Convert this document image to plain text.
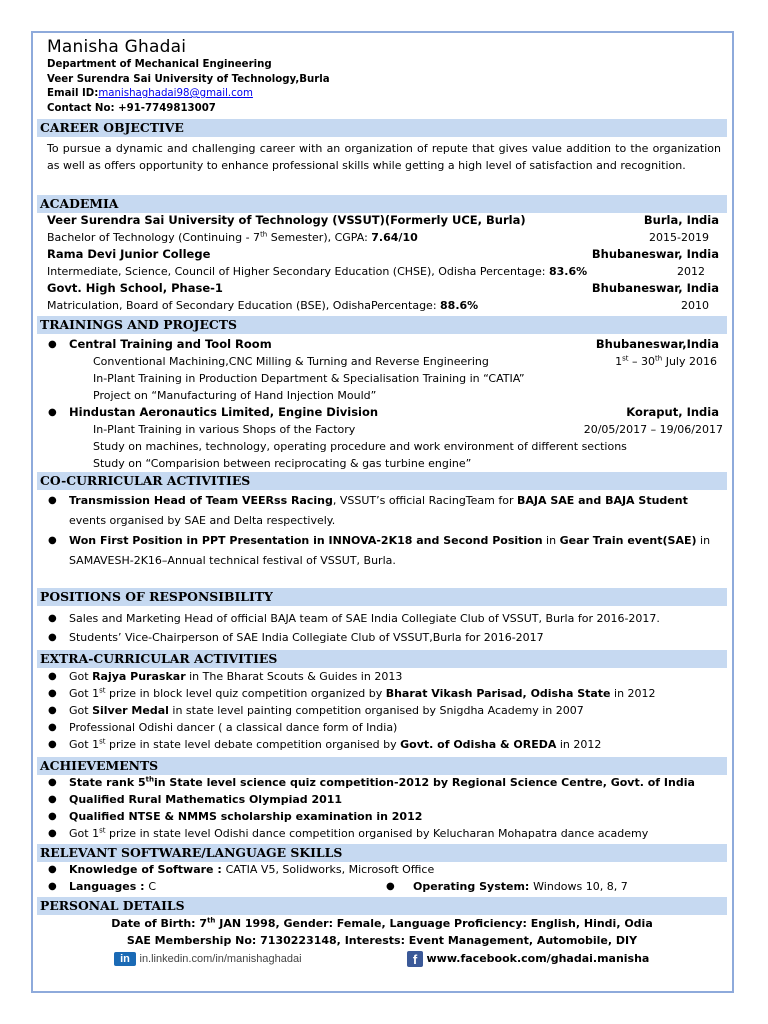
Manisha Ghadai
Department of Mechanical Engineering
Veer Surendra Sai University of Technology,Burla
Email ID:manishaghadai98@gmail.com
Contact No: +91-7749813007
CAREER OBJECTIVE
To pursue a dynamic and challenging career with an organization of repute that gives value addition to the organization as well as offers opportunity to enhance professional skills while getting a high level of satisfaction and recognition.
ACADEMIA
Veer Surendra Sai University of Technology (VSSUT)(Formerly UCE, Burla)	Burla, India
Bachelor of Technology (Continuing - 7th Semester), CGPA: 7.64/10	2015-2019
Rama Devi Junior College	Bhubaneswar, India
Intermediate, Science, Council of Higher Secondary Education (CHSE), Odisha Percentage: 83.6%	2012
Govt. High School, Phase-1	Bhubaneswar, India
Matriculation, Board of Secondary Education (BSE), OdishaPercentage: 88.6%	2010
TRAININGS AND PROJECTS
● Central Training and Tool Room	Bhubaneswar,India
Conventional Machining,CNC Milling & Turning and Reverse Engineering	1st – 30th July 2016
In-Plant Training in Production Department & Specialisation Training in “CATIA”
Project on “Manufacturing of Hand Injection Mould”
● Hindustan Aeronautics Limited, Engine Division	Koraput, India
In-Plant Training in various Shops of the Factory	20/05/2017 – 19/06/2017
Study on machines, technology, operating procedure and work environment of different sections
Study on “Comparision between reciprocating & gas turbine engine”
CO-CURRICULAR ACTIVITIES
● Transmission Head of Team VEERss Racing, VSSUT’s official RacingTeam for BAJA SAE and BAJA Student
events organised by SAE and Delta respectively.
● Won First Position in PPT Presentation in INNOVA-2K18 and Second Position in Gear Train event(SAE) in
SAMAVESH-2K16–Annual technical festival of VSSUT, Burla.
POSITIONS OF RESPONSIBILITY
● Sales and Marketing Head of official BAJA team of SAE India Collegiate Club of VSSUT, Burla for 2016-2017.
● Students’ Vice-Chairperson of SAE India Collegiate Club of VSSUT,Burla for 2016-2017
EXTRA-CURRICULAR ACTIVITIES
● Got Rajya Puraskar in The Bharat Scouts & Guides in 2013
● Got 1st prize in block level quiz competition organized by Bharat Vikash Parisad, Odisha State in 2012
● Got Silver Medal in state level painting competition organised by Snigdha Academy in 2007
● Professional Odishi dancer ( a classical dance form of India)
● Got 1st prize in state level debate competition organised by Govt. of Odisha & OREDA in 2012
ACHIEVEMENTS
● State rank 5thin State level science quiz competition-2012 by Regional Science Centre, Govt. of India
● Qualified Rural Mathematics Olympiad 2011
● Qualified NTSE & NMMS scholarship examination in 2012
● Got 1st prize in state level Odishi dance competition organised by Kelucharan Mohapatra dance academy
RELEVANT SOFTWARE/LANGUAGE SKILLS
● Knowledge of Software : CATIA V5, Solidworks, Microsoft Office
● Languages : C	● Operating System: Windows 10, 8, 7
PERSONAL DETAILS
Date of Birth: 7th JAN 1998, Gender: Female, Language Proficiency: English, Hindi, Odia
SAE Membership No: 7130223148, Interests: Event Management, Automobile, DIY
in in.linkedin.com/in/manishaghadai	f www.facebook.com/ghadai.manisha
